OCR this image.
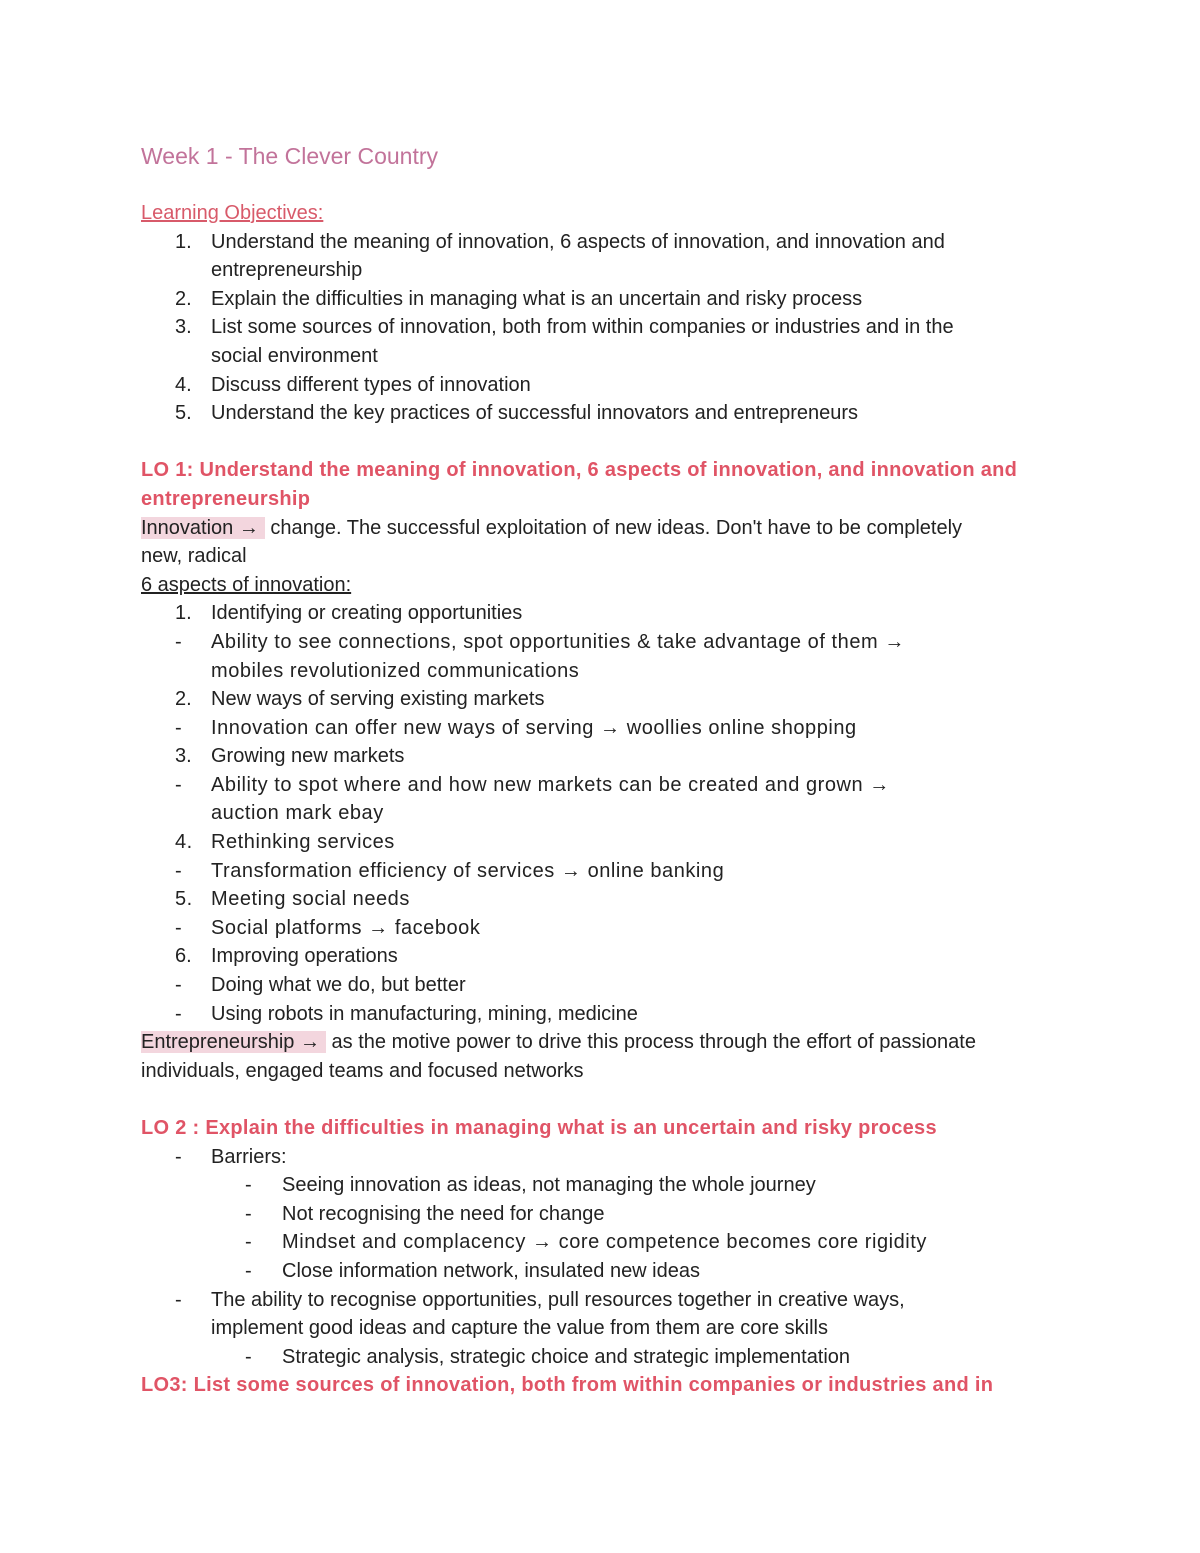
Week 1 - The Clever Country
Learning Objectives:
1. Understand the meaning of innovation, 6 aspects of innovation, and innovation and
entrepreneurship
2. Explain the difficulties in managing what is an uncertain and risky process
3. List some sources of innovation, both from within companies or industries and in the
social environment
4. Discuss different types of innovation
5. Understand the key practices of successful innovators and entrepreneurs
LO 1: Understand the meaning of innovation, 6 aspects of innovation, and innovation and
entrepreneurship
Innovation → change. The successful exploitation of new ideas. Don't have to be completely
new, radical
6 aspects of innovation:
1. Identifying or creating opportunities
-	Ability to see connections, spot opportunities & take advantage of them →
mobiles revolutionized communications
2. New ways of serving existing markets
-	Innovation can offer new ways of serving → woollies online shopping
3. Growing new markets
-	Ability to spot where and how new markets can be created and grown →
auction mark ebay
4. Rethinking services
-	Transformation efficiency of services → online banking
5. Meeting social needs
-	Social platforms → facebook
6. Improving operations
-	Doing what we do, but better
-	Using robots in manufacturing, mining, medicine
Entrepreneurship → as the motive power to drive this process through the effort of passionate
individuals, engaged teams and focused networks
LO 2 : Explain the difficulties in managing what is an uncertain and risky process
-	Barriers:
-	Seeing innovation as ideas, not managing the whole journey
-	Not recognising the need for change
-	Mindset and complacency → core competence becomes core rigidity
-	Close information network, insulated new ideas
-	The ability to recognise opportunities, pull resources together in creative ways,
implement good ideas and capture the value from them are core skills
-	Strategic analysis, strategic choice and strategic implementation
LO3: List some sources of innovation, both from within companies or industries and in
